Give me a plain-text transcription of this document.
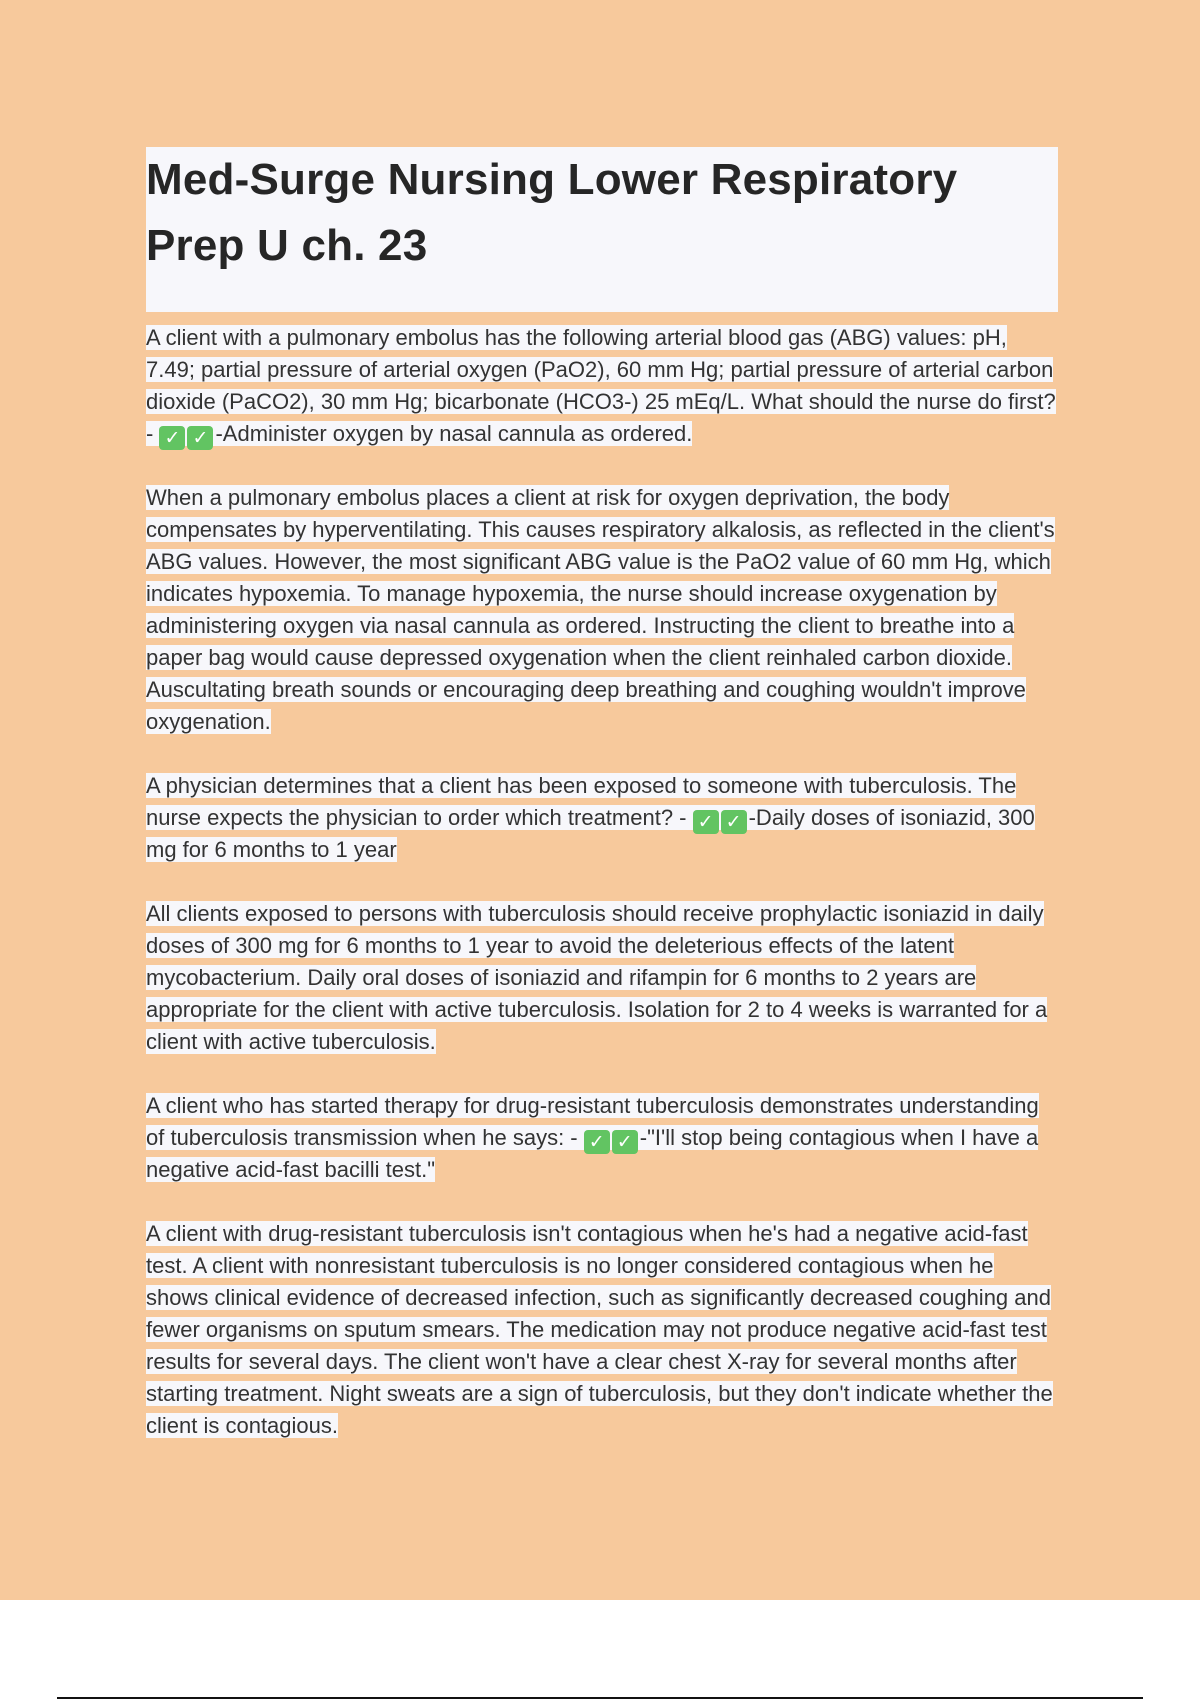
Med-Surge Nursing Lower Respiratory Prep U ch. 23

A client with a pulmonary embolus has the following arterial blood gas (ABG) values: pH, 7.49; partial pressure of arterial oxygen (PaO2), 60 mm Hg; partial pressure of arterial carbon dioxide (PaCO2), 30 mm Hg; bicarbonate (HCO3-) 25 mEq/L. What should the nurse do first? - ✓ ✓ -Administer oxygen by nasal cannula as ordered.

When a pulmonary embolus places a client at risk for oxygen deprivation, the body compensates by hyperventilating. This causes respiratory alkalosis, as reflected in the client's ABG values. However, the most significant ABG value is the PaO2 value of 60 mm Hg, which indicates hypoxemia. To manage hypoxemia, the nurse should increase oxygenation by administering oxygen via nasal cannula as ordered. Instructing the client to breathe into a paper bag would cause depressed oxygenation when the client reinhaled carbon dioxide. Auscultating breath sounds or encouraging deep breathing and coughing wouldn't improve oxygenation.

A physician determines that a client has been exposed to someone with tuberculosis. The nurse expects the physician to order which treatment? - ✓ ✓ -Daily doses of isoniazid, 300 mg for 6 months to 1 year

All clients exposed to persons with tuberculosis should receive prophylactic isoniazid in daily doses of 300 mg for 6 months to 1 year to avoid the deleterious effects of the latent mycobacterium. Daily oral doses of isoniazid and rifampin for 6 months to 2 years are appropriate for the client with active tuberculosis. Isolation for 2 to 4 weeks is warranted for a client with active tuberculosis.

A client who has started therapy for drug-resistant tuberculosis demonstrates understanding of tuberculosis transmission when he says: - ✓ ✓ -"I'll stop being contagious when I have a negative acid-fast bacilli test."

A client with drug-resistant tuberculosis isn't contagious when he's had a negative acid-fast test. A client with nonresistant tuberculosis is no longer considered contagious when he shows clinical evidence of decreased infection, such as significantly decreased coughing and fewer organisms on sputum smears. The medication may not produce negative acid-fast test results for several days. The client won't have a clear chest X-ray for several months after starting treatment. Night sweats are a sign of tuberculosis, but they don't indicate whether the client is contagious.
